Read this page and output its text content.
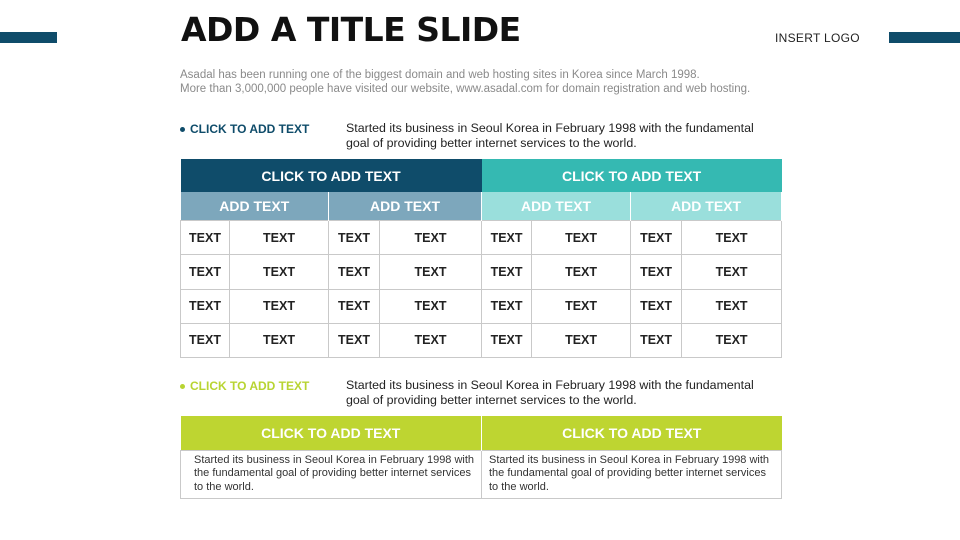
ADD A TITLE SLIDE	INSERT LOGO
Asadal has been running one of the biggest domain and web hosting sites in Korea since March 1998.
More than 3,000,000 people have visited our website, www.asadal.com for domain registration and web hosting.
CLICK TO ADD TEXT	Started its business in Seoul Korea in February 1998 with the fundamental goal of providing better internet services to the world.
CLICK TO ADD TEXT				CLICK TO ADD TEXT			
ADD TEXT		ADD TEXT		ADD TEXT		ADD TEXT	
TEXT	TEXT	TEXT	TEXT	TEXT	TEXT	TEXT	TEXT
TEXT	TEXT	TEXT	TEXT	TEXT	TEXT	TEXT	TEXT
TEXT	TEXT	TEXT	TEXT	TEXT	TEXT	TEXT	TEXT
TEXT	TEXT	TEXT	TEXT	TEXT	TEXT	TEXT	TEXT
CLICK TO ADD TEXT	Started its business in Seoul Korea in February 1998 with the fundamental goal of providing better internet services to the world.
CLICK TO ADD TEXT	CLICK TO ADD TEXT
Started its business in Seoul Korea in February 1998 with the fundamental goal of providing better internet services to the world.	Started its business in Seoul Korea in February 1998 with the fundamental goal of providing better internet services to the world.
